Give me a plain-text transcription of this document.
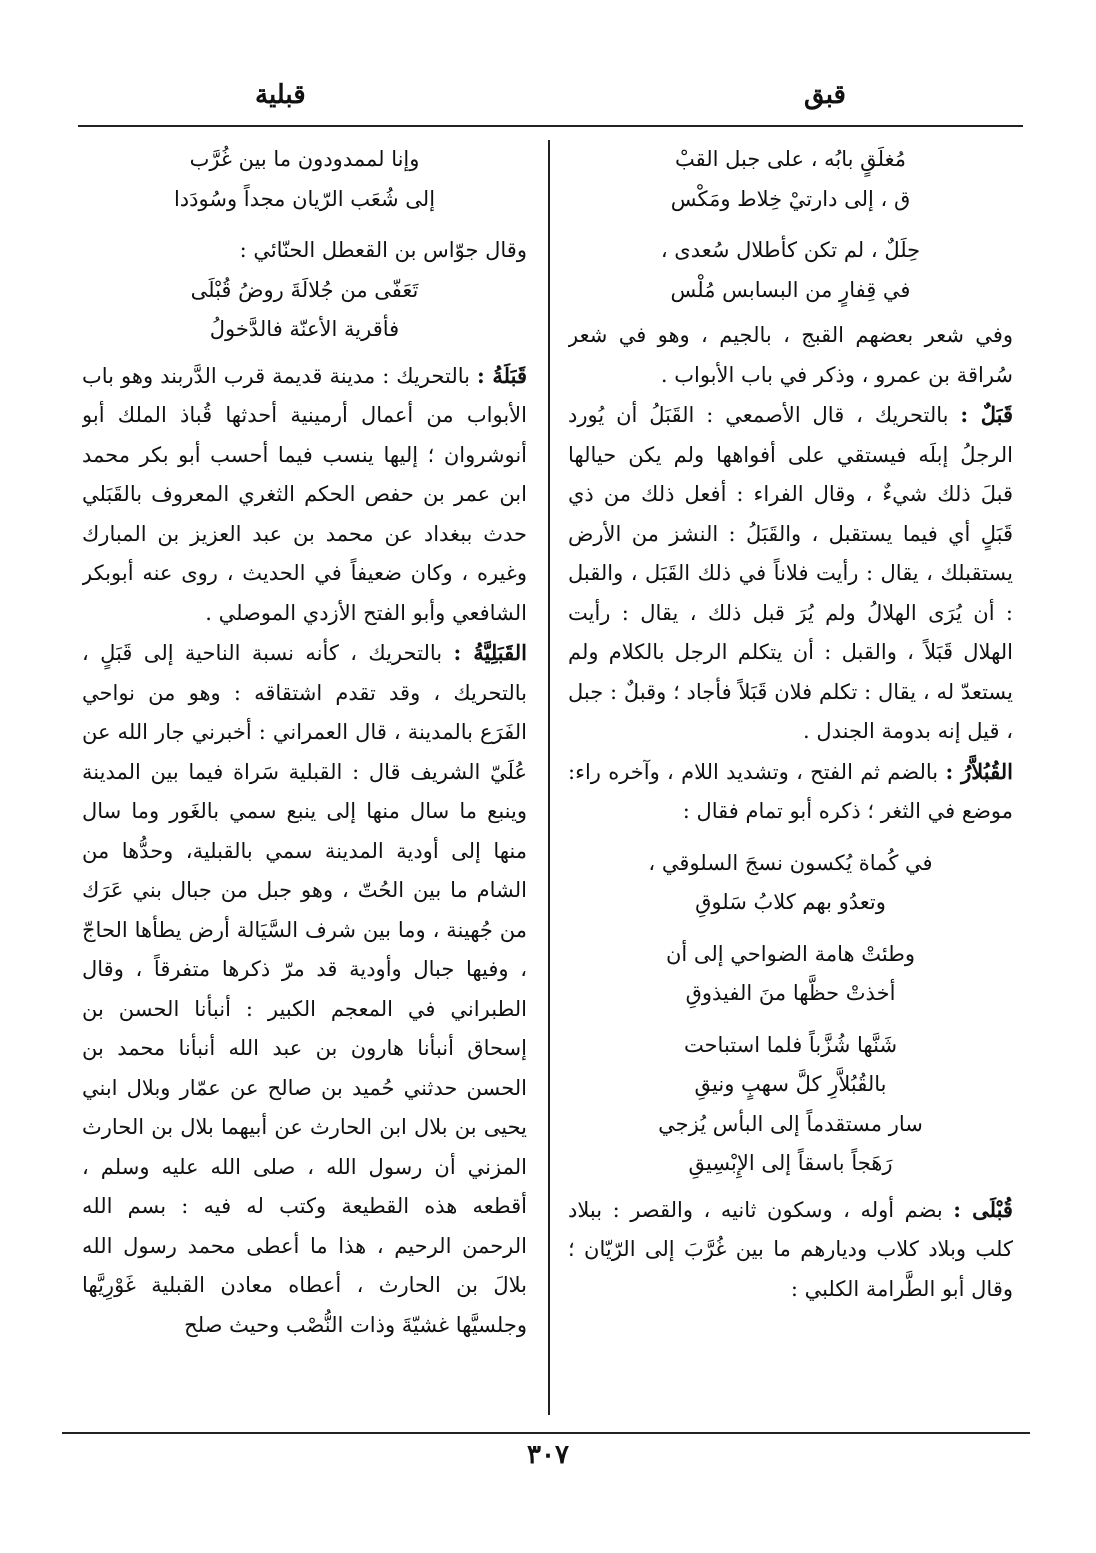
قبق
قبلية

مُغلَقٍ بابُه ، على جبل القبْ

ق ، إلى دارتيْ خِلاط ومَكْس

حِلَلٌ ، لم تكن كأطلال سُعدى ،

في قِفارٍ من البسابس مُلْس

وفي شعر بعضهم القبج ، بالجيم ، وهو في شعر سُراقة بن عمرو ، وذكر في باب الأبواب .

قَبَلٌ : بالتحريك ، قال الأصمعي : القَبَلُ أن يُورد الرجلُ إبلَه فيستقي على أفواهها ولم يكن حيالها قبلَ ذلك شيءٌ ، وقال الفراء : أفعل ذلك من ذي قَبَلٍ أي فيما يستقبل ، والقَبَلُ : النشز من الأرض يستقبلك ، يقال : رأيت فلاناً في ذلك القَبَل ، والقبل : أن يُرَى الهلالُ ولم يُرَ قبل ذلك ، يقال : رأيت الهلال قَبَلاً ، والقبل : أن يتكلم الرجل بالكلام ولم يستعدّ له ، يقال : تكلم فلان قَبَلاً فأجاد ؛ وقبلٌ : جبل ، قيل إنه بدومة الجندل .

القُبُلاَّرُ : بالضم ثم الفتح ، وتشديد اللام ، وآخره راء: موضع في الثغر ؛ ذكره أبو تمام فقال :

في كُماة يُكسون نسجَ السلوقي ،

وتعدُو بهم كلابُ سَلوقِ

وطئتْ هامة الضواحي إلى أن

أخذتْ حظَّها منَ الفيذوقِ

شَنَّها شُزَّباً فلما استباحت

بالقُبُلاَّرِ كلَّ سهبٍ ونيقِ

سار مستقدماً إلى البأس يُزجي

رَهَجاً باسقاً إلى الإِبْسِيقِ

قُبْلَى : بضم أوله ، وسكون ثانيه ، والقصر : ببلاد كلب وبلاد كلاب وديارهم ما بين غُرَّبَ إلى الرّيّان ؛ وقال أبو الطَّرامة الكلبي :

وإنا لممدودون ما بين غُرَّب

إلى شُعَب الرّيان مجداً وسُودَدا

وقال جوّاس بن القعطل الحنّائي :

تَعَفّى من جُلالَةَ روضُ قُبْلَى

فأقرية الأعنّة فالدَّخولُ

قَبَلَةُ : بالتحريك : مدينة قديمة قرب الدَّربند وهو باب الأبواب من أعمال أرمينية أحدثها قُباذ الملك أبو أنوشروان ؛ إليها ينسب فيما أحسب أبو بكر محمد ابن عمر بن حفص الحكم الثغري المعروف بالقَبَلي حدث ببغداد عن محمد بن عبد العزيز بن المبارك وغيره ، وكان ضعيفاً في الحديث ، روى عنه أبوبكر الشافعي وأبو الفتح الأزدي الموصلي .

القَبَلِيَّةُ : بالتحريك ، كأنه نسبة الناحية إلى قَبَلٍ ، بالتحريك ، وقد تقدم اشتقاقه : وهو من نواحي الفَرَع بالمدينة ، قال العمراني : أخبرني جار الله عن عُلَيّ الشريف قال : القبلية سَراة فيما بين المدينة وينبع ما سال منها إلى ينبع سمي بالغَور وما سال منها إلى أودية المدينة سمي بالقبلية، وحدُّها من الشام ما بين الحُتّ ، وهو جبل من جبال بني عَرَك من جُهينة ، وما بين شرف السَّيَالة أرض يطأها الحاجّ ، وفيها جبال وأودية قد مرّ ذكرها متفرقاً ، وقال الطبراني في المعجم الكبير : أنبأنا الحسن بن إسحاق أنبأنا هارون بن عبد الله أنبأنا محمد بن الحسن حدثني حُميد بن صالح عن عمّار وبلال ابني يحيى بن بلال ابن الحارث عن أبيهما بلال بن الحارث المزني أن رسول الله ، صلى الله عليه وسلم ، أقطعه هذه القطيعة وكتب له فيه : بسم الله الرحمن الرحيم ، هذا ما أعطى محمد رسول الله بلالَ بن الحارث ، أعطاه معادن القبلية غَوْرِيَّها وجلسيَّها غشيّةَ وذات النُّصْب وحيث صلح

٣٠٧
